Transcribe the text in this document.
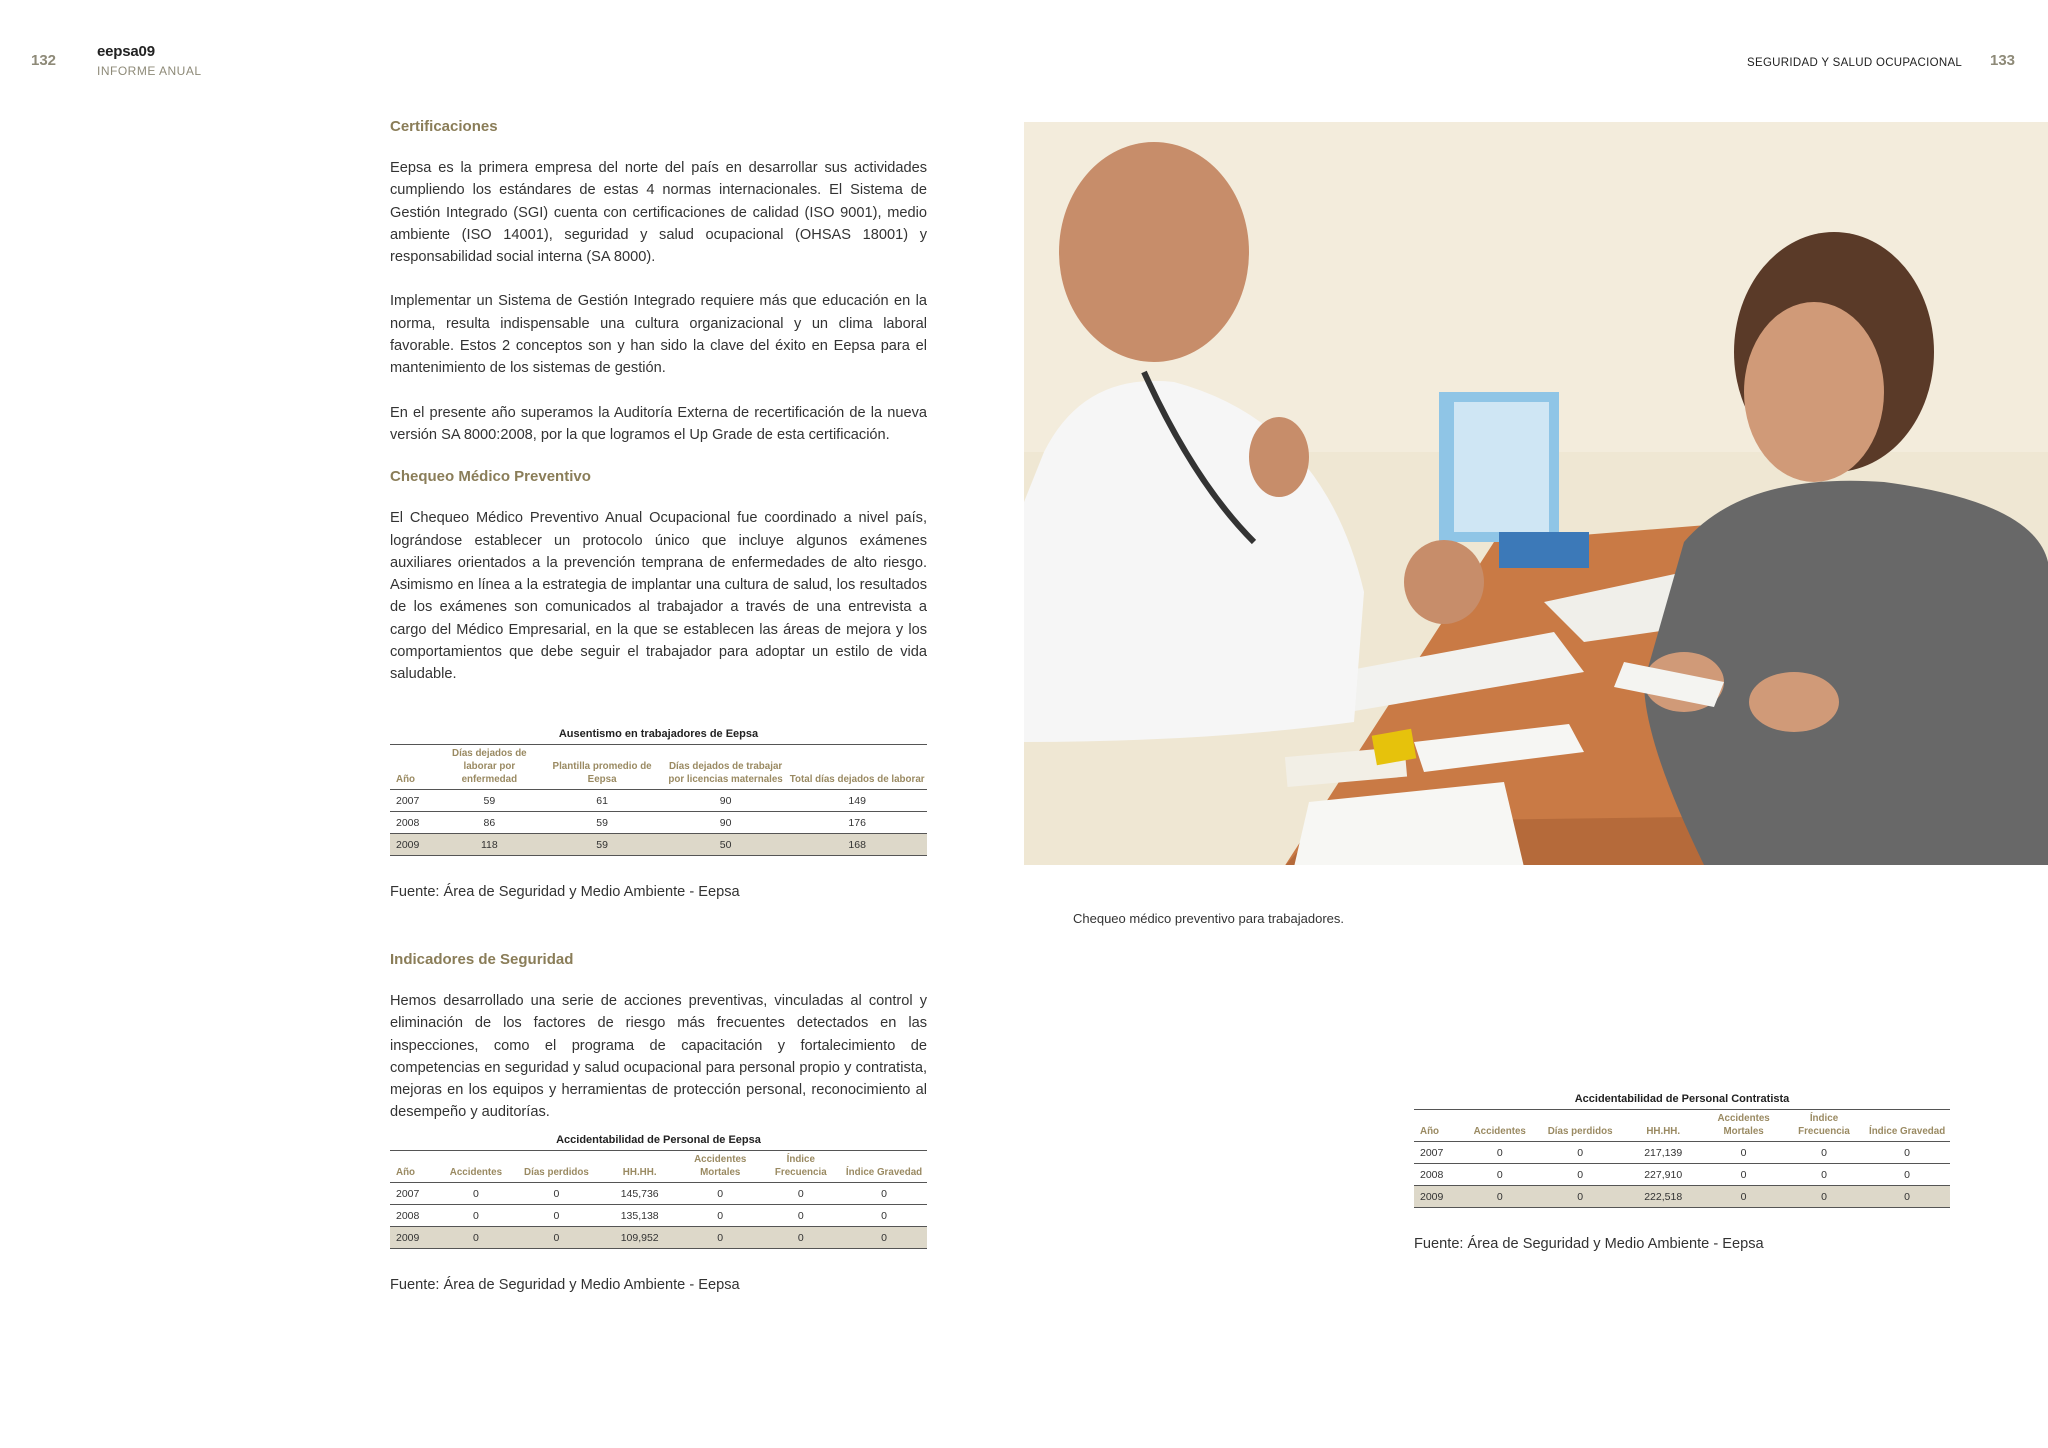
132
eepsa09
INFORME ANUAL
SEGURIDAD Y SALUD OCUPACIONAL 133
Certificaciones

Eepsa es la primera empresa del norte del país en desarrollar sus actividades cumpliendo los estándares de estas 4 normas internacionales. El Sistema de Gestión Integrado (SGI) cuenta con certificaciones de calidad (ISO 9001), medio ambiente (ISO 14001), seguridad y salud ocupacional (OHSAS 18001) y responsabilidad social interna (SA 8000).

Implementar un Sistema de Gestión Integrado requiere más que educación en la norma, resulta indispensable una cultura organizacional y un clima laboral favorable. Estos 2 conceptos son y han sido la clave del éxito en Eepsa para el mantenimiento de los sistemas de gestión.

En el presente año superamos la Auditoría Externa de recertificación de la nueva versión SA 8000:2008, por la que logramos el Up Grade de esta certificación.

Chequeo Médico Preventivo

El Chequeo Médico Preventivo Anual Ocupacional fue coordinado a nivel país, lográndose establecer un protocolo único que incluye algunos exámenes auxiliares orientados a la prevención temprana de enfermedades de alto riesgo. Asimismo en línea a la estrategia de implantar una cultura de salud, los resultados de los exámenes son comunicados al trabajador a través de una entrevista a cargo del Médico Empresarial, en la que se establecen las áreas de mejora y los comportamientos que debe seguir el trabajador para adoptar un estilo de vida saludable.

Ausentismo en trabajadores de Eepsa
Año	Días dejados de laborar por enfermedad	Plantilla promedio de Eepsa	Días dejados de trabajar por licencias maternales	Total días dejados de laborar
2007	59	61	90	149
2008	86	59	90	176
2009	118	59	50	168
Fuente: Área de Seguridad y Medio Ambiente - Eepsa
Indicadores de Seguridad

Hemos desarrollado una serie de acciones preventivas, vinculadas al control y eliminación de los factores de riesgo más frecuentes detectados en las inspecciones, como el programa de capacitación y fortalecimiento de competencias en seguridad y salud ocupacional para personal propio y contratista, mejoras en los equipos y herramientas de protección personal, reconocimiento al desempeño y auditorías.

Accidentabilidad de Personal de Eepsa
Año	Accidentes	Días perdidos	HH.HH.	Accidentes Mortales	Índice Frecuencia	Índice Gravedad
2007	0	0	145,736	0	0	0
2008	0	0	135,138	0	0	0
2009	0	0	109,952	0	0	0
Fuente: Área de Seguridad y Medio Ambiente - Eepsa
Chequeo médico preventivo para trabajadores.
Accidentabilidad de Personal Contratista
Año	Accidentes	Días perdidos	HH.HH.	Accidentes Mortales	Índice Frecuencia	Índice Gravedad
2007	0	0	217,139	0	0	0
2008	0	0	227,910	0	0	0
2009	0	0	222,518	0	0	0
Fuente: Área de Seguridad y Medio Ambiente - Eepsa
